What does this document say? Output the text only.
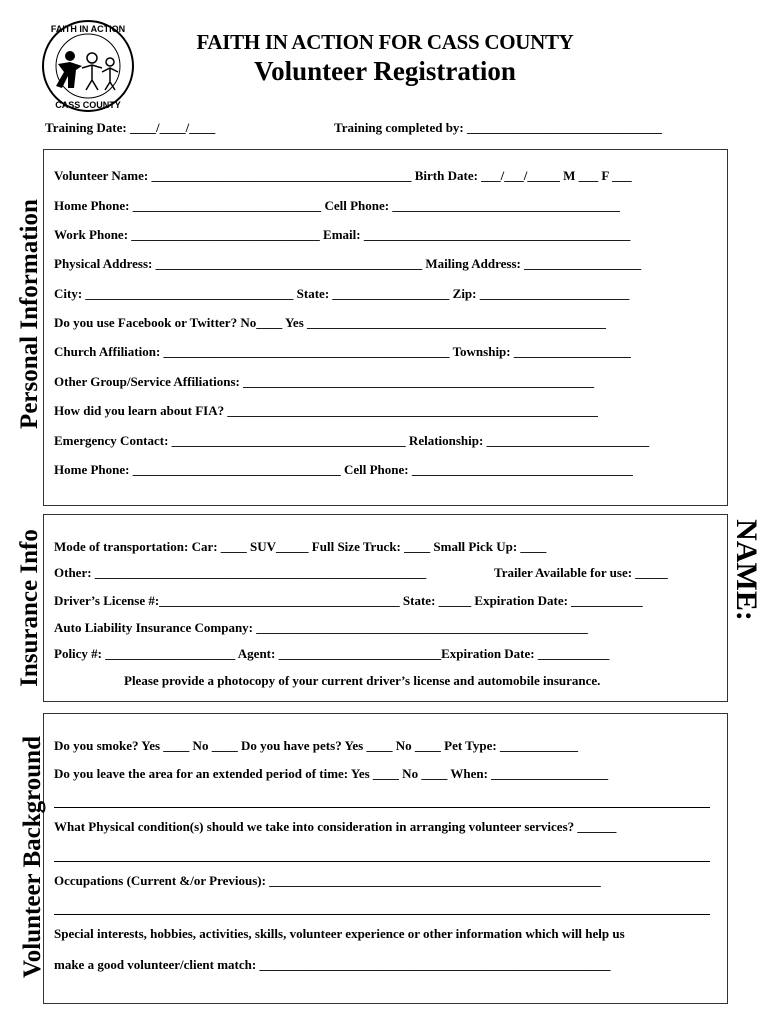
FAITH IN ACTION
CASS COUNTY
FAITH IN ACTION FOR CASS COUNTY
Volunteer Registration
Training Date: ____/____/____	Training completed by: ______________________________
Personal Information
Volunteer Name: ________________________________________ Birth Date: ___/___/_____ M ___ F ___
Home Phone: _____________________________ Cell Phone: ___________________________________
Work Phone: _____________________________ Email: _________________________________________
Physical Address: _________________________________________ Mailing Address: __________________
City: ________________________________ State: __________________ Zip: _______________________
Do you use Facebook or Twitter? No____ Yes ______________________________________________
Church Affiliation: ____________________________________________ Township: __________________
Other Group/Service Affiliations: ______________________________________________________
How did you learn about FIA? _________________________________________________________
Emergency Contact: ____________________________________ Relationship: _________________________
Home Phone: ________________________________ Cell Phone: __________________________________
Insurance Info	NAME:
Mode of transportation: Car: ____ SUV_____ Full Size Truck: ____ Small Pick Up: ____
Other: ___________________________________________________	Trailer Available for use: _____
Driver’s License #:_____________________________________ State: _____ Expiration Date: ___________
Auto Liability Insurance Company: ___________________________________________________
Policy #: ____________________ Agent: _________________________Expiration Date: ___________
Please provide a photocopy of your current driver’s license and automobile insurance.
Volunteer Background Do you smoke? Yes ____ No ____ Do you have pets? Yes ____ No ____ Pet Type: ____________
Do you leave the area for an extended period of time: Yes ____ No ____ When: __________________
What Physical condition(s) should we take into consideration in arranging volunteer services? ______
Occupations (Current &/or Previous): ___________________________________________________
Special interests, hobbies, activities, skills, volunteer experience or other information which will help us
make a good volunteer/client match: ______________________________________________________
